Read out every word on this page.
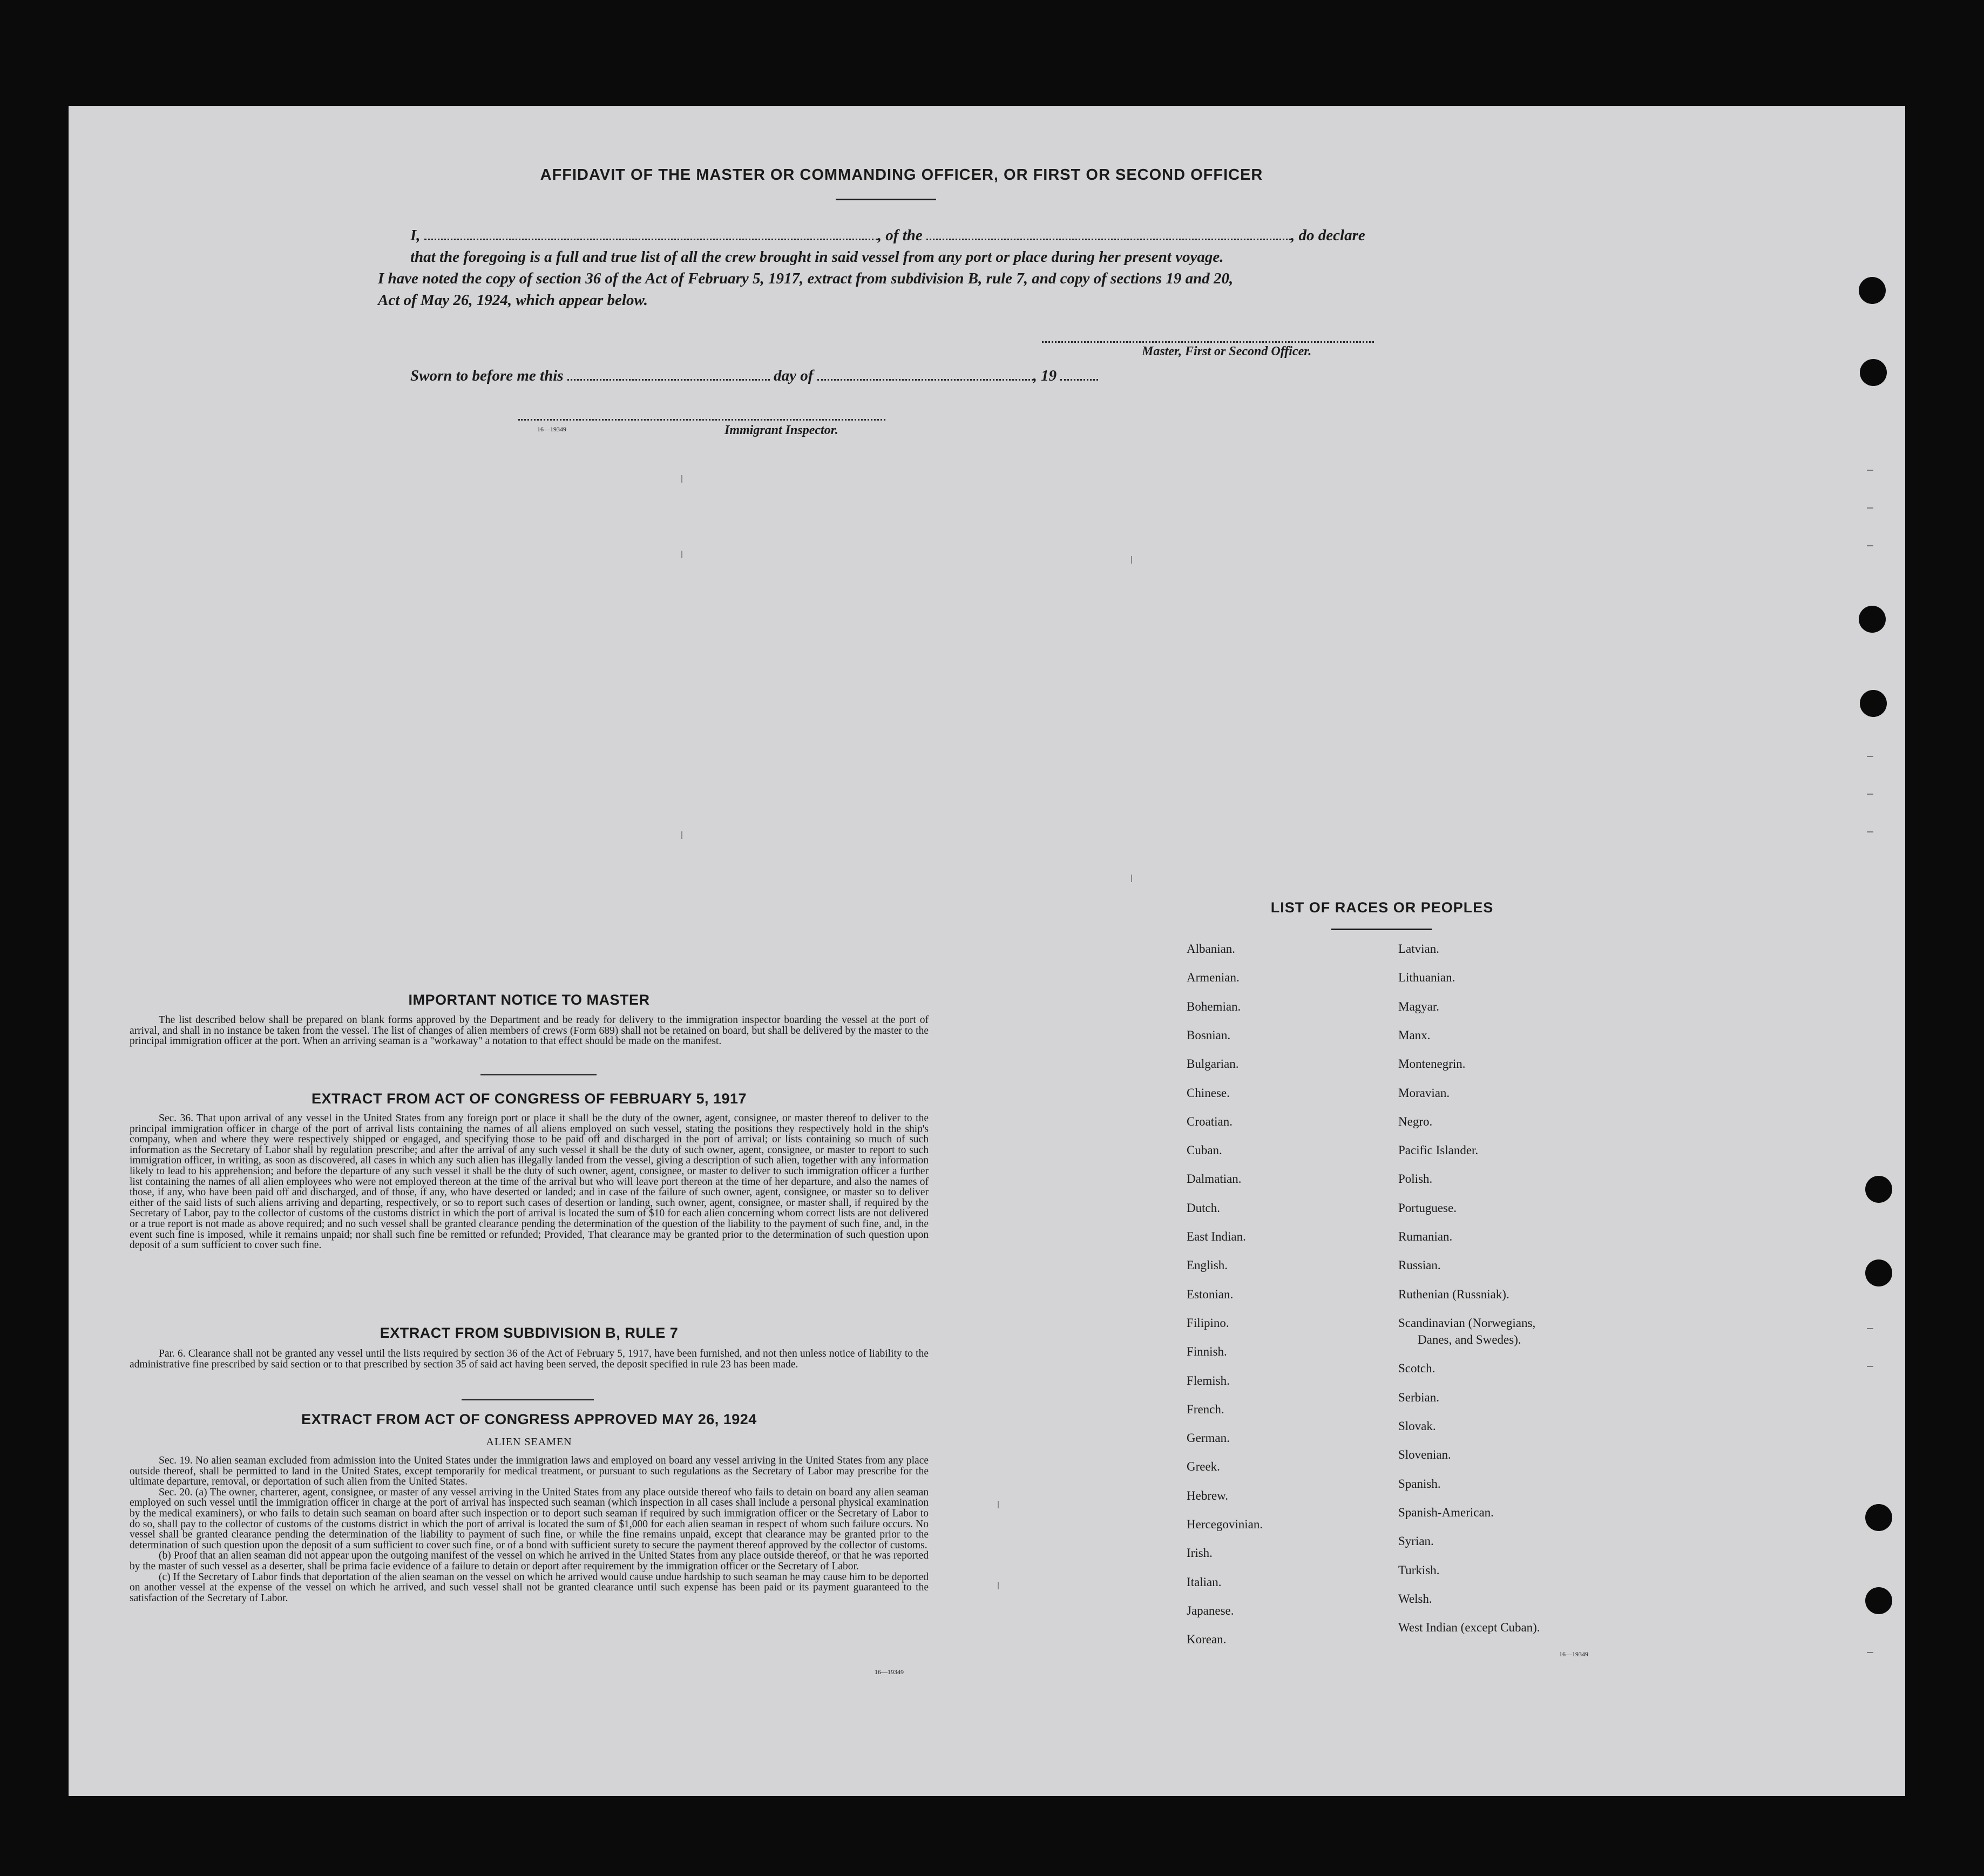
AFFIDAVIT OF THE MASTER OR COMMANDING OFFICER, OR FIRST OR SECOND OFFICER
I,	, of the	, do declare
that the foregoing is a full and true list of all the crew brought in said vessel from any port or place during her present voyage.
I have noted the copy of section 36 of the Act of February 5, 1917, extract from subdivision B, rule 7, and copy of sections 19 and 20,
Act of May 26, 1924, which appear below.
Master, First or Second Officer.
Sworn to before me this	day of	, 19
16—19349	Immigrant Inspector.
IMPORTANT NOTICE TO MASTER

The list described below shall be prepared on blank forms approved by the Department and be ready for delivery to the immigration inspector boarding the vessel at the port of arrival, and shall in no instance be taken from the vessel. The list of changes of alien members of crews (Form 689) shall not be retained on board, but shall be delivered by the master to the principal immigration officer at the port. When an arriving seaman is a "workaway" a notation to that effect should be made on the manifest.

EXTRACT FROM ACT OF CONGRESS OF FEBRUARY 5, 1917

Sec. 36. That upon arrival of any vessel in the United States from any foreign port or place it shall be the duty of the owner, agent, consignee, or master thereof to deliver to the principal immigration officer in charge of the port of arrival lists containing the names of all aliens employed on such vessel, stating the positions they respectively hold in the ship's company, when and where they were respectively shipped or engaged, and specifying those to be paid off and discharged in the port of arrival; or lists containing so much of such information as the Secretary of Labor shall by regulation prescribe; and after the arrival of any such vessel it shall be the duty of such owner, agent, consignee, or master to report to such immigration officer, in writing, as soon as discovered, all cases in which any such alien has illegally landed from the vessel, giving a description of such alien, together with any information likely to lead to his apprehension; and before the departure of any such vessel it shall be the duty of such owner, agent, consignee, or master to deliver to such immigration officer a further list containing the names of all alien employees who were not employed thereon at the time of the arrival but who will leave port thereon at the time of her departure, and also the names of those, if any, who have been paid off and discharged, and of those, if any, who have deserted or landed; and in case of the failure of such owner, agent, consignee, or master so to deliver either of the said lists of such aliens arriving and departing, respectively, or so to report such cases of desertion or landing, such owner, agent, consignee, or master shall, if required by the Secretary of Labor, pay to the collector of customs of the customs district in which the port of arrival is located the sum of $10 for each alien concerning whom correct lists are not delivered or a true report is not made as above required; and no such vessel shall be granted clearance pending the determination of the question of the liability to the payment of such fine, and, in the event such fine is imposed, while it remains unpaid; nor shall such fine be remitted or refunded; Provided, That clearance may be granted prior to the determination of such question upon deposit of a sum sufficient to cover such fine.

EXTRACT FROM SUBDIVISION B, RULE 7

Par. 6. Clearance shall not be granted any vessel until the lists required by section 36 of the Act of February 5, 1917, have been furnished, and not then unless notice of liability to the administrative fine prescribed by said section or to that prescribed by section 35 of said act having been served, the deposit specified in rule 23 has been made.

EXTRACT FROM ACT OF CONGRESS APPROVED MAY 26, 1924
ALIEN SEAMEN

Sec. 19. No alien seaman excluded from admission into the United States under the immigration laws and employed on board any vessel arriving in the United States from any place outside thereof, shall be permitted to land in the United States, except temporarily for medical treatment, or pursuant to such regulations as the Secretary of Labor may prescribe for the ultimate departure, removal, or deportation of such alien from the United States.

Sec. 20. (a) The owner, charterer, agent, consignee, or master of any vessel arriving in the United States from any place outside thereof who fails to detain on board any alien seaman employed on such vessel until the immigration officer in charge at the port of arrival has inspected such seaman (which inspection in all cases shall include a personal physical examination by the medical examiners), or who fails to detain such seaman on board after such inspection or to deport such seaman if required by such immigration officer or the Secretary of Labor to do so, shall pay to the collector of customs of the customs district in which the port of arrival is located the sum of $1,000 for each alien seaman in respect of whom such failure occurs. No vessel shall be granted clearance pending the determination of the liability to payment of such fine, or while the fine remains unpaid, except that clearance may be granted prior to the determination of such question upon the deposit of a sum sufficient to cover such fine, or of a bond with sufficient surety to secure the payment thereof approved by the collector of customs.

(b) Proof that an alien seaman did not appear upon the outgoing manifest of the vessel on which he arrived in the United States from any place outside thereof, or that he was reported by the master of such vessel as a deserter, shall be prima facie evidence of a failure to detain or deport after requirement by the immigration officer or the Secretary of Labor.

(c) If the Secretary of Labor finds that deportation of the alien seaman on the vessel on which he arrived would cause undue hardship to such seaman he may cause him to be deported on another vessel at the expense of the vessel on which he arrived, and such vessel shall not be granted clearance until such expense has been paid or its payment guaranteed to the satisfaction of the Secretary of Labor.

16—19349
LIST OF RACES OR PEOPLES
Albanian.
Armenian.
Bohemian.
Bosnian.
Bulgarian.
Chinese.
Croatian.
Cuban.
Dalmatian.
Dutch.
East Indian.
English.
Estonian.
Filipino.
Finnish.
Flemish.
French.
German.
Greek.
Hebrew.
Hercegovinian.
Irish.
Italian.
Japanese.
Korean.
Latvian.
Lithuanian.
Magyar.
Manx.
Montenegrin.
Moravian.
Negro.
Pacific Islander.
Polish.
Portuguese.
Rumanian.
Russian.
Ruthenian (Russniak).
Scandinavian (Norwegians,
Danes, and Swedes).
Scotch.
Serbian.
Slovak.
Slovenian.
Spanish.
Spanish-American.
Syrian.
Turkish.
Welsh.
West Indian (except Cuban).
16—19349
